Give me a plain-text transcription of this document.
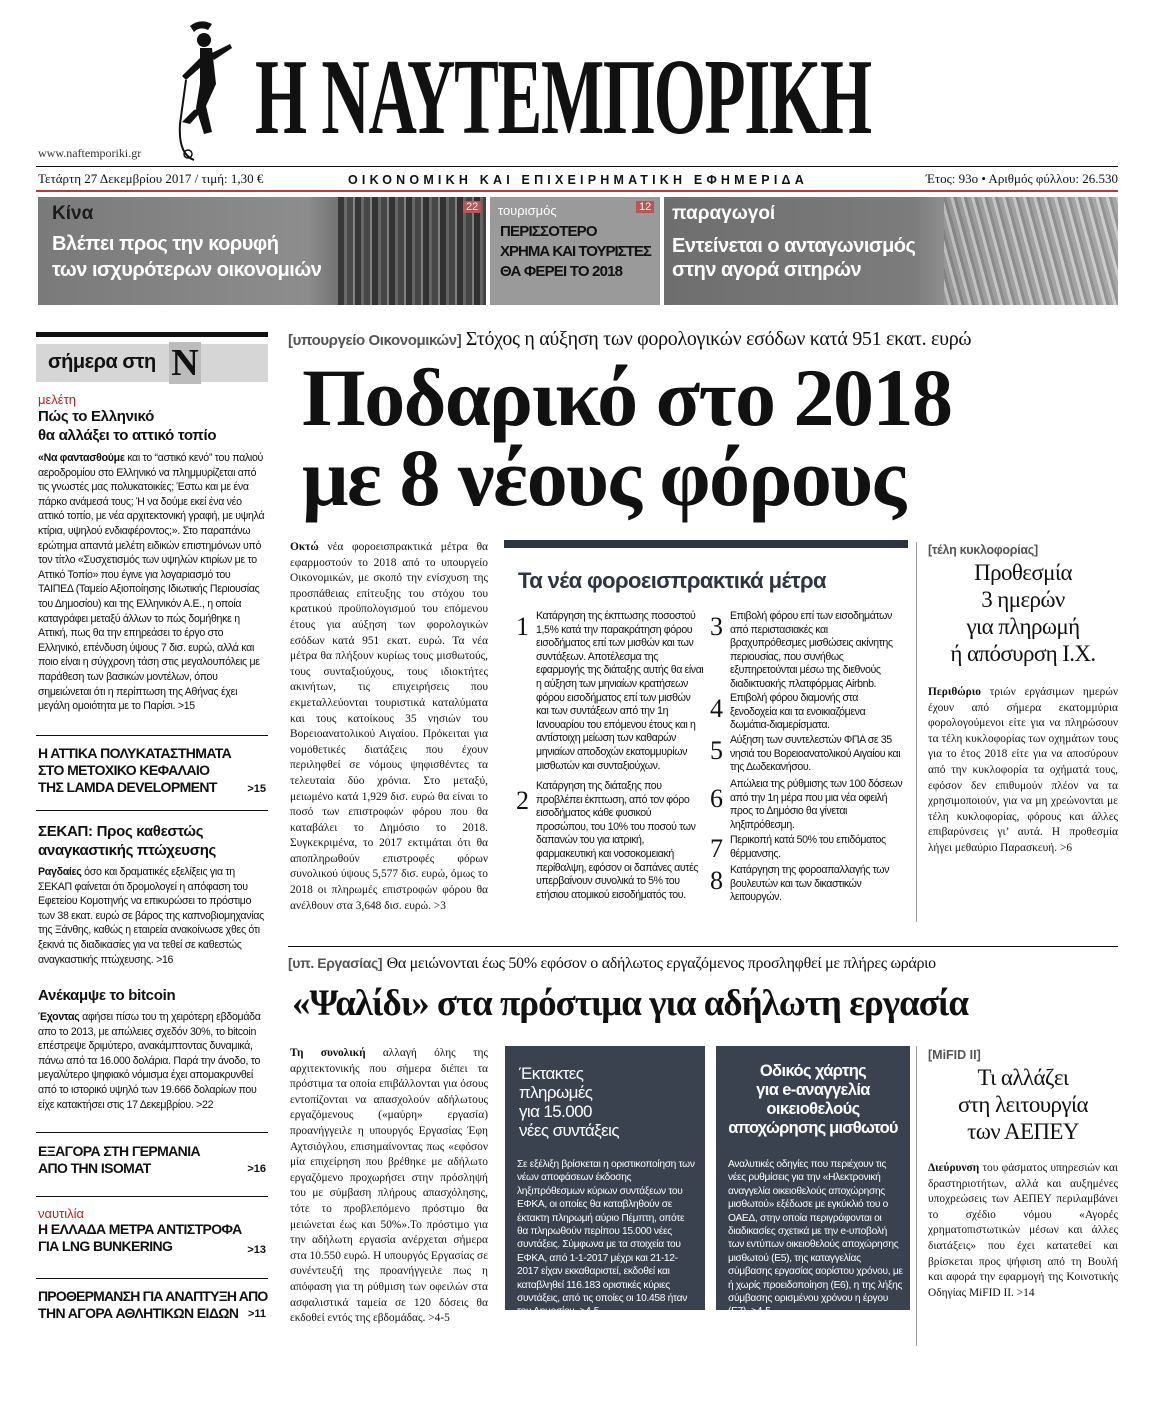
Η ΝΑΥΤΕΜΠΟΡΙΚΗ
www.naftemporiki.gr
Τετάρτη 27 Δεκεμβρίου 2017 / τιμή: 1,30 €	ΟΙΚΟΝΟΜΙΚΗ ΚΑΙ ΕΠΙΧΕΙΡΗΜΑΤΙΚΗ ΕΦΗΜΕΡΙΔΑ	Έτος: 93ο • Αριθμός φύλλου: 26.530
Κίνα
Βλέπει προς την κορυφή
των ισχυρότερων οικονομιών
22 τουρισμός	12
ΠΕΡΙΣΣΟΤΕΡΟ
ΧΡΗΜΑ ΚΑΙ ΤΟΥΡΙΣΤΕΣ
ΘΑ ΦΕΡΕΙ ΤΟ 2018
παραγωγοί
Εντείνεται ο ανταγωνισμός
στην αγορά σιτηρών
σήμερα στη Ν
μελέτη
Πώς το Ελληνικό
θα αλλάξει το αττικό τοπίο

«Να φαντασθούμε και το “αστικό κενό” του παλιού αεροδρομίου στο Ελληνικό να πλημμυρίζεται από τις γνωστές μας πολυκατοικίες; Έστω και με ένα πάρκο ανάμεσά τους; Ή να δούμε εκεί ένα νέο αττικό τοπίο, με νέα αρχιτεκτονική γραφή, με υψηλά κτίρια, υψηλού ενδιαφέροντος;». Στο παραπάνω ερώτημα απαντά μελέτη ειδικών επιστημόνων υπό τον τίτλο «Συσχετισμός των υψηλών κτιρίων με το Αττικό Τοπίο» που έγινε για λογαριασμό του ΤΑΙΠΕΔ (Ταμείο Αξιοποίησης Ιδιωτικής Περιουσίας του Δημοσίου) και της Ελληνικόν Α.Ε., η οποία καταγράφει μεταξύ άλλων το πώς δομήθηκε η Αττική, πως θα την επηρεάσει το έργο στο Ελληνικό, επένδυση ύψους 7 δισ. ευρώ, αλλά και ποιο είναι η σύγχρονη τάση στις μεγαλουπόλεις με παράθεση των βασικών μοντέλων, όπου σημειώνεται ότι η περίπτωση της Αθήνας έχει μεγάλη ομοιότητα με το Παρίσι. >15

Η ΑΤΤΙΚΑ ΠΟΛΥΚΑΤΑΣΤΗΜΑΤΑ
ΣΤΟ ΜΕΤΟΧΙΚΟ ΚΕΦΑΛΑΙΟ
ΤΗΣ LAMDA DEVELOPMENT	>15
ΣΕΚΑΠ: Προς καθεστώς
αναγκαστικής πτώχευσης

Ραγδαίες όσο και δραματικές εξελίξεις για τη ΣΕΚΑΠ φαίνεται ότι δρομολογεί η απόφαση του Εφετείου Κομοτηνής να επικυρώσει το πρόστιμο των 38 εκατ. ευρώ σε βάρος της καπνοβιομηχανίας της Ξάνθης, καθώς η εταιρεία ανακοίνωσε χθες ότι ξεκινά τις διαδικασίες για να τεθεί σε καθεστώς αναγκαστικής πτώχευσης. >16

Ανέκαμψε το bitcoin

Έχοντας αφήσει πίσω του τη χειρότερη εβδομάδα απο το 2013, με απώλειες σχεδόν 30%, το bitcoin επέστρεψε δριμύτερο, ανακάμπτοντας δυναμικά, πάνω από τα 16.000 δολάρια. Παρά την άνοδο, το μεγαλύτερο ψηφιακό νόμισμα έχει απομακρυνθεί από το ιστορικό υψηλό των 19.666 δολαρίων που είχε κατακτήσει στις 17 Δεκεμβρίου. >22

ΕΞΑΓΟΡΑ ΣΤΗ ΓΕΡΜΑΝΙΑ
ΑΠΟ ΤΗΝ ISOMAT	>16
ναυτιλία
Η ΕΛΛΑΔΑ ΜΕΤΡΑ ΑΝΤΙΣΤΡΟΦΑ
ΓΙΑ LNG BUNKERING	>13
ΠΡΟΘΕΡΜΑΝΣΗ ΓΙΑ ΑΝΑΠΤΥΞΗ ΑΠΟ
ΤΗΝ ΑΓΟΡΑ ΑΘΛΗΤΙΚΩΝ ΕΙΔΩΝ >11
[υπουργείο Οικονομικών] Στόχος η αύξηση των φορολογικών εσόδων κατά 951 εκατ. ευρώ
Ποδαρικό στο 2018
με 8 νέους φόρους

Οκτώ νέα φοροεισπρακτικά μέτρα θα εφαρμοστούν το 2018 από το υπουργείο Οικονομικών, με σκοπό την ενίσχυση της προσπάθειας επίτευξης του στόχου του κρατικού προϋπολογισμού του επόμενου έτους για αύξηση των φορολογικών εσόδων κατά 951 εκατ. ευρώ. Τα νέα μέτρα θα πλήξουν κυρίως τους μισθωτούς, τους συνταξιούχους, τους ιδιοκτήτες ακινήτων, τις επιχειρήσεις που εκμεταλλεύονται τουριστικά καταλύματα και τους κατοίκους 35 νησιών του Βορειοανατολικού Αιγαίου. Πρόκειται για νομοθετικές διατάξεις που έχουν περιληφθεί σε νόμους ψηφισθέντες τα τελευταία δύο χρόνια. Στο μεταξύ, μειωμένο κατά 1,929 δισ. ευρώ θα είναι το ποσό των επιστροφών φόρου που θα καταβάλει το Δημόσιο το 2018. Συγκεκριμένα, το 2017 εκτιμάται ότι θα αποπληρωθούν επιστροφές φόρων συνολικού ύψους 5,577 δισ. ευρώ, όμως το 2018 οι πληρωμές επιστροφών φόρου θα ανέλθουν στα 3,648 δισ. ευρώ. >3

Τα νέα φοροεισπρακτικά μέτρα
1 Κατάργηση της έκπτωσης ποσοστού 1,5% κατά την παρακράτηση φόρου εισοδήματος επί των μισθών και των συντάξεων. Αποτέλεσμα της εφαρμογής της διάταξης αυτής θα είναι η αύξηση των μηνιαίων κρατήσεων φόρου εισοδήματος επί των μισθών και των συντάξεων από την 1η Ιανουαρίου του επόμενου έτους και η αντίστοιχη μείωση των καθαρών μηνιαίων αποδοχών εκατομμυρίων μισθωτών και συνταξιούχων.
2 Κατάργηση της διάταξης που προβλέπει έκπτωση, από τον φόρο εισοδήματος κάθε φυσικού προσώπου, του 10% του ποσού των δαπανών του για ιατρική, φαρμακευτική και νοσοκομειακή περίθαλψη, εφόσον οι δαπάνες αυτές υπερβαίνουν συνολικά το 5% του ετήσιου ατομικού εισοδήματός του.
3 Επιβολή φόρου επί των εισοδημάτων από περιστασιακές και βραχυπρόθεσμες μισθώσεις ακίνητης περιουσίας, που συνήθως εξυπηρετούνται μέσω της διεθνούς διαδικτυακής πλατφόρμας Airbnb.
4 Επιβολή φόρου διαμονής στα ξενοδοχεία και τα ενοικιαζόμενα δωμάτια-διαμερίσματα.
5 Αύξηση των συντελεστών ΦΠΑ σε 35 νησιά του Βορειοανατολικού Αιγαίου και της Δωδεκανήσου.
6 Απώλεια της ρύθμισης των 100 δόσεων από την 1η μέρα που μια νέα οφειλή προς το Δημόσιο θα γίνεται ληξιπρόθεσμη.
7 Περικοπή κατά 50% του επιδόματος θέρμανσης.
8 Κατάργηση της φοροαπαλλαγής των βουλευτών και των δικαστικών λειτουργών.
[τέλη κυκλοφορίας]
Προθεσμία
3 ημερών
για πληρωμή
ή απόσυρση Ι.Χ.

Περιθώριο τριών εργάσιμων ημερών έχουν από σήμερα εκατομμύρια φορολογούμενοι είτε για να πληρώσουν τα τέλη κυκλοφορίας των οχημάτων τους για το έτος 2018 είτε για να αποσύρουν από την κυκλοφορία τα οχήματά τους, εφόσον δεν επιθυμούν πλέον να τα χρησιμοποιούν, για να μη χρεώνονται με τέλη κυκλοφορίας, φόρους και άλλες επιβαρύνσεις γι’ αυτά. Η προθεσμία λήγει μεθαύριο Παρασκευή. >6

[υπ. Εργασίας] Θα μειώνονται έως 50% εφόσον ο αδήλωτος εργαζόμενος προσληφθεί με πλήρες ωράριο
«Ψαλίδι» στα πρόστιμα για αδήλωτη εργασία

Τη συνολική αλλαγή όλης της αρχιτεκτονικής που σήμερα διέπει τα πρόστιμα τα οποία επιβάλλονται για όσους εντοπίζονται να απασχολούν αδήλωτους εργαζόμενους («μαύρη» εργασία) προανήγγειλε η υπουργός Εργασίας Έφη Αχτσιόγλου, επισημαίνοντας πως «εφόσον μία επιχείρηση που βρέθηκε με αδήλωτο εργαζόμενο προχωρήσει στην πρόσληψή του με σύμβαση πλήρους απασχόλησης, τότε το προβλεπόμενο πρόστιμο θα μειώνεται έως και 50%».Το πρόστιμο για την αδήλωτη εργασία ανέρχεται σήμερα στα 10.550 ευρώ. Η υπουργός Εργασίας σε συνέντευξή της προανήγγειλε πως η απόφαση για τη ρύθμιση των οφειλών στα ασφαλιστικά ταμεία σε 120 δόσεις θα εκδοθεί εντός της εβδομάδας. >4-5

Έκτακτες
πληρωμές
για 15.000
νέες συντάξεις
Σε εξέλιξη βρίσκεται η οριστικοποίηση των νέων αποφάσεων έκδοσης ληξιπρόθεσμων κύριων συντάξεων του ΕΦΚΑ, οι οποίες θα καταβληθούν σε έκτακτη πληρωμή αύριο Πέμπτη, οπότε θα πληρωθούν περίπου 15.000 νέες συντάξεις. Σύμφωνα με τα στοιχεία του ΕΦΚΑ, από 1-1-2017 μέχρι και 21-12-2017 είχαν εκκαθαριστεί, εκδοθεί και καταβληθεί 116.183 οριστικές κύριες συντάξεις, από τις οποίες οι 10.458 ήταν του Δημοσίου. >4-5
Οδικός χάρτης
για e-αναγγελία
οικειοθελούς
αποχώρησης μισθωτού
Αναλυτικές οδηγίες που περιέχουν τις νέες ρυθμίσεις για την «Ηλεκτρονική αναγγελία οικειοθελούς αποχώρησης μισθωτού» εξέδωσε με εγκύκλιό του ο ΟΑΕΔ, στην οποία περιγράφονται οι διαδικασίες σχετικά με την e-υποβολή των εντύπων οικειοθελούς αποχώρησης μισθωτού (Ε5), της καταγγελίας σύμβασης εργασίας αορίστου χρόνου, με ή χωρίς προειδοποίηση (Ε6), η της λήξης σύμβασης ορισμένου χρόνου η έργου (Ε7). >4-5
[MiFID II]
Τι αλλάζει
στη λειτουργία
των ΑΕΠΕΥ

Διεύρυνση του φάσματος υπηρεσιών και δραστηριοτήτων, αλλά και αυξημένες υποχρεώσεις των ΑΕΠΕΥ περιλαμβάνει το σχέδιο νόμου «Αγορές χρηματοπιστωτικών μέσων και άλλες διατάξεις» που έχει κατατεθεί και βρίσκεται προς ψήφιση από τη Βουλή και αφορά την εφαρμογή της Κοινοτικής Οδηγίας MiFID II. >14
